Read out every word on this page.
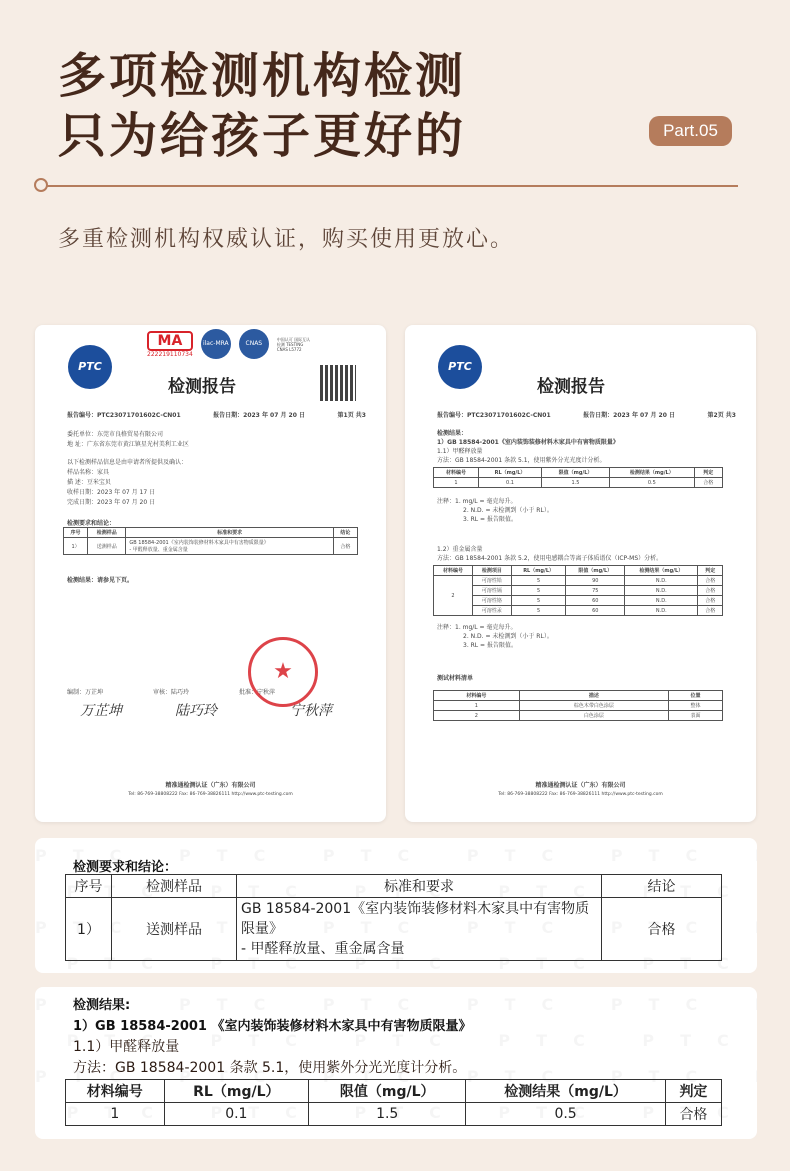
多项检测机构检测
只为给孩子更好的	Part.05
多重检测机构权威认证，购买使用更放心。
PTC
MA
222219110734
ilac-MRA	CNAS
中国认可 国际互认 检测 TESTING CNAS L5772
检测报告
报告编号：PTC23071701602C-CN01	报告日期：2023 年 07 月 20 日	第1页 共3
委托单位：东莞市良格贸易有限公司
地 址：广东省东莞市黄江镇星光村美利工业区
以下检测样品信息是由申请者所提供及确认：
样品名称：家具
描 述：豆米宝贝
收样日期：2023 年 07 月 17 日
完成日期：2023 年 07 月 20 日
检测要求和结论：
序号	检测样品	标准和要求	结论
1）	送测样品	GB 18584-2001《室内装饰装修材料木家具中有害物质限量》
- 甲醛释放量、重金属含量	合格
检测结果：请参见下页。
★
编制：万芷坤	审核：陆巧玲	批准：宁秋萍
万芷坤	陆巧玲	宁秋萍
精准通检测认证（广东）有限公司
Tel: 86-769-38808222 Fax: 86-769-38826111 http://www.ptc-testing.com
PTC
检测报告
报告编号：PTC23071701602C-CN01	报告日期：2023 年 07 月 20 日	第2页 共3
检测结果：
1）GB 18584-2001《室内装饰装修材料木家具中有害物质限量》
1.1）甲醛释放量
方法：GB 18584-2001 条款 5.1，使用紫外分光光度计分析。
材料编号	RL（mg/L）	限值（mg/L）	检测结果（mg/L）	判定
1	0.1	1.5	0.5	合格
注释：1. mg/L = 毫克每升。
2. N.D. = 未检测到（小于 RL）。
3. RL = 报告限值。
1.2）重金属含量
方法：GB 18584-2001 条款 5.2，使用电感耦合等离子体质谱仪（ICP-MS）分析。
材料编号	检测项目	RL（mg/L）	限值（mg/L）	检测结果（mg/L）	判定
2	可溶性铅	5	90	N.D.	合格
	可溶性镉	5	75	N.D.	合格
	可溶性铬	5	60	N.D.	合格
	可溶性汞	5	60	N.D.	合格
注释：1. mg/L = 毫克每升。
2. N.D. = 未检测到（小于 RL）。
3. RL = 报告限值。
测试材料清单
材料编号	描述	位置
1	棕色木带白色涂层	整体
2	白色涂层	表面
精准通检测认证（广东）有限公司
Tel: 86-769-38808222 Fax: 86-769-38826111 http://www.ptc-testing.com
检测要求和结论：
序号	检测样品	标准和要求	结论
1）	送测样品	GB 18584-2001《室内装饰装修材料木家具中有害物质限量》
- 甲醛释放量、重金属含量	合格
检测结果:
1）GB 18584-2001 《室内装饰装修材料木家具中有害物质限量》
1.1）甲醛释放量
方法：GB 18584-2001 条款 5.1，使用紫外分光光度计分析。
材料编号	RL（mg/L）	限值（mg/L）	检测结果（mg/L）	判定
1	0.1	1.5	0.5	合格
